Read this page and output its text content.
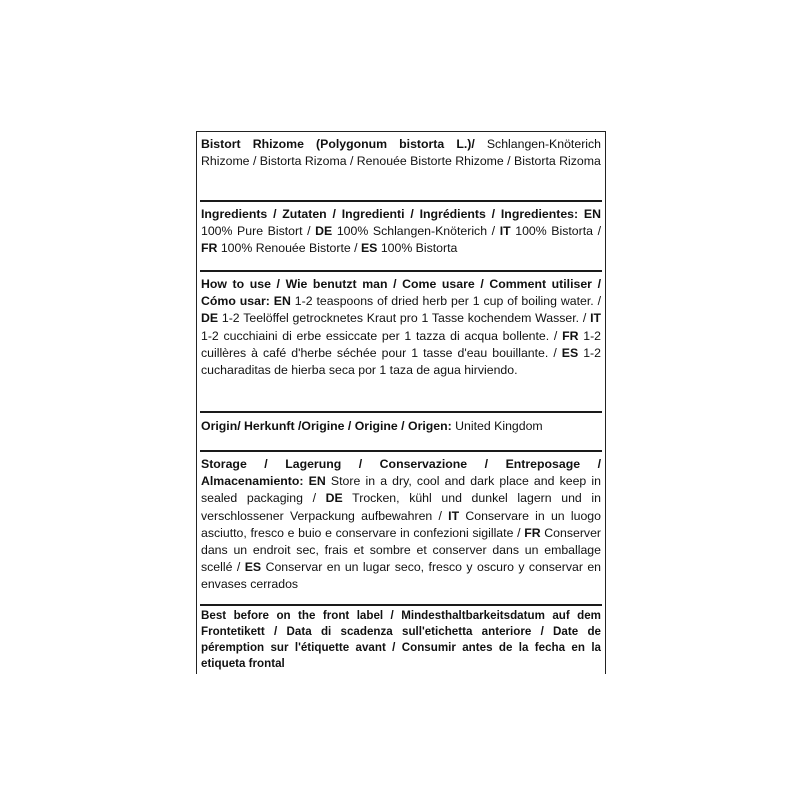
Bistort Rhizome (Polygonum bistorta L.)/ Schlangen-Knöterich Rhizome / Bistorta Rizoma / Renouée Bistorte Rhizome / Bistorta Rizoma
Ingredients / Zutaten / Ingredienti / Ingrédients / Ingredientes: EN 100% Pure Bistort / DE 100% Schlangen-Knöterich / IT 100% Bistorta / FR 100% Renouée Bistorte / ES 100% Bistorta
How to use / Wie benutzt man / Come usare / Comment utiliser / Cómo usar: EN 1-2 teaspoons of dried herb per 1 cup of boiling water. / DE 1-2 Teelöffel getrocknetes Kraut pro 1 Tasse kochendem Wasser. / IT 1-2 cucchiaini di erbe essiccate per 1 tazza di acqua bollente. / FR 1-2 cuillères à café d'herbe séchée pour 1 tasse d'eau bouillante. / ES 1-2 cucharaditas de hierba seca por 1 taza de agua hirviendo.
Origin/ Herkunft /Origine / Origine / Origen: United Kingdom
Storage / Lagerung / Conservazione / Entreposage / Almacenamiento: EN Store in a dry, cool and dark place and keep in sealed packaging / DE Trocken, kühl und dunkel lagern und in verschlossener Verpackung aufbewahren / IT Conservare in un luogo asciutto, fresco e buio e conservare in confezioni sigillate / FR Conserver dans un endroit sec, frais et sombre et conserver dans un emballage scellé / ES Conservar en un lugar seco, fresco y oscuro y conservar en envases cerrados
Best before on the front label / Mindesthaltbarkeitsdatum auf dem Frontetikett / Data di scadenza sull'etichetta anteriore / Date de péremption sur l'étiquette avant / Consumir antes de la fecha en la etiqueta frontal
